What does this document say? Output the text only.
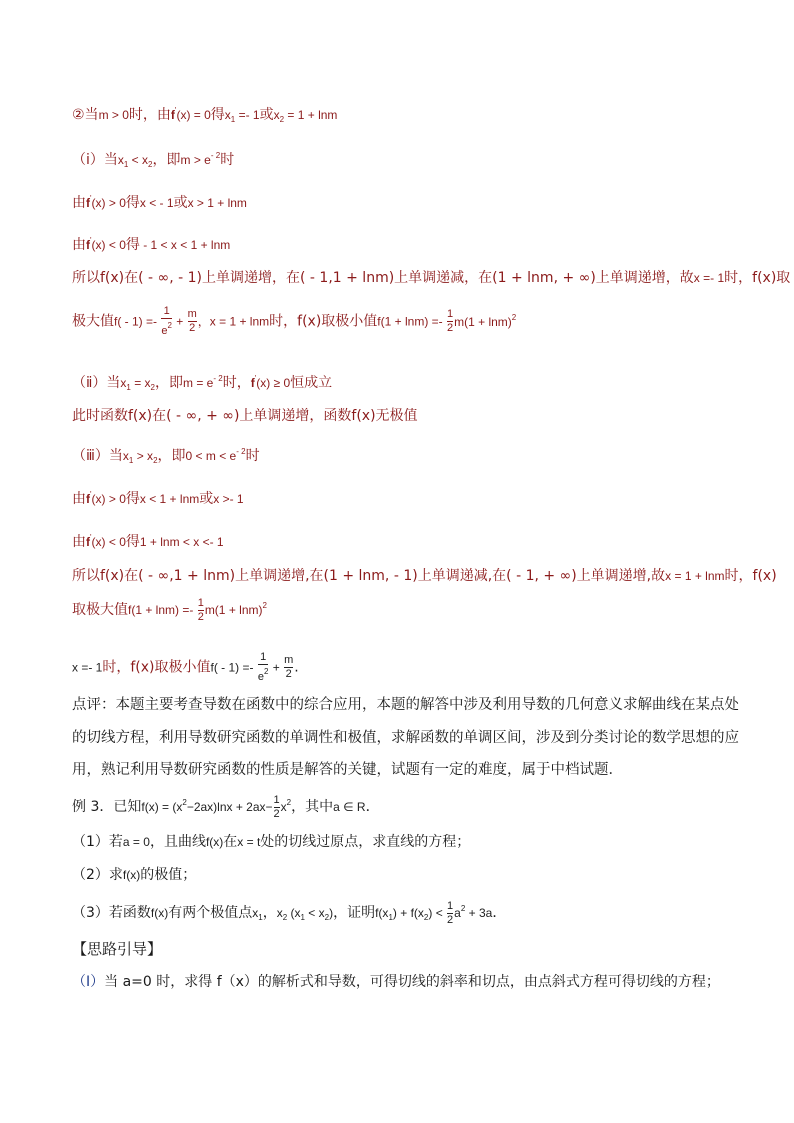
②当m > 0时，由f'(x) = 0得$x_1 =- 1$或$x_2 = 1 + \ln m$
（ⅰ）当$x_1 < x_2$，即$m > e^{- 2}$时
由f'(x) > 0得x < - 1或x > 1 + lnm
由f'(x) < 0得 - 1 < x < 1 + lnm
所以f(x)在( - ∞, - 1)上单调递增，在( - 1,1 + lnm)上单调递减，在(1 + lnm, + ∞)上单调递增，故x =- 1时，f(x)取
极大值$f( - 1) =- \frac{1}{e^2} + \frac{m}{2}$ ，x = 1 + lnm时，f(x)取极小值$f(1 + \ln m) =- \frac{1}{2} m(1 + \ln m)^2$
（ⅱ）当$x_1 = x_2$，即$m = e^{- 2}$时，f'(x) ≥ 0恒成立
此时函数f(x)在( - ∞, + ∞)上单调递增，函数f(x)无极值
（ⅲ）当$x_1 > x_2$，即$0 < m < e^{- 2}$时
由f'(x) > 0得x < 1 + lnm或x >- 1
由f'(x) < 0得1 + lnm < x <- 1
所以f(x)在( - ∞,1 + lnm)上单调递增,在(1 + lnm, - 1)上单调递减,在( - 1, + ∞)上单调递增,故x = 1 + lnm时，f(x)
取极大值$f(1 + \ln m) =- \frac{1}{2} m(1 + \ln m)^2$
x =- 1时，f(x)取极小值$f( - 1) =- \frac{1}{e^2} + \frac{m}{2}$ .
点评：本题主要考查导数在函数中的综合应用，本题的解答中涉及利用导数的几何意义求解曲线在某点处
的切线方程，利用导数研究函数的单调性和极值，求解函数的单调区间，涉及到分类讨论的数学思想的应
用，熟记利用导数研究函数的性质是解答的关键，试题有一定的难度，属于中档试题．
例 3．已知$f(x) = (x^2-2ax)\ln x + 2ax- \frac{1}{2} x^2$，其中a ∈ R．
（1）若a = 0，且曲线f(x)在x = t处的切线过原点，求直线的方程；
（2）求f(x)的极值；
（3）若函数f(x)有两个极值点$x_1$，$x_2$ $(x_1 < x_2)$，证明$f(x_1) + f(x_2) < \frac{1}{2} a^2 + 3a$．
【思路引导】
（Ⅰ）当 a=0 时，求得 f（x）的解析式和导数，可得切线的斜率和切点，由点斜式方程可得切线的方程；
